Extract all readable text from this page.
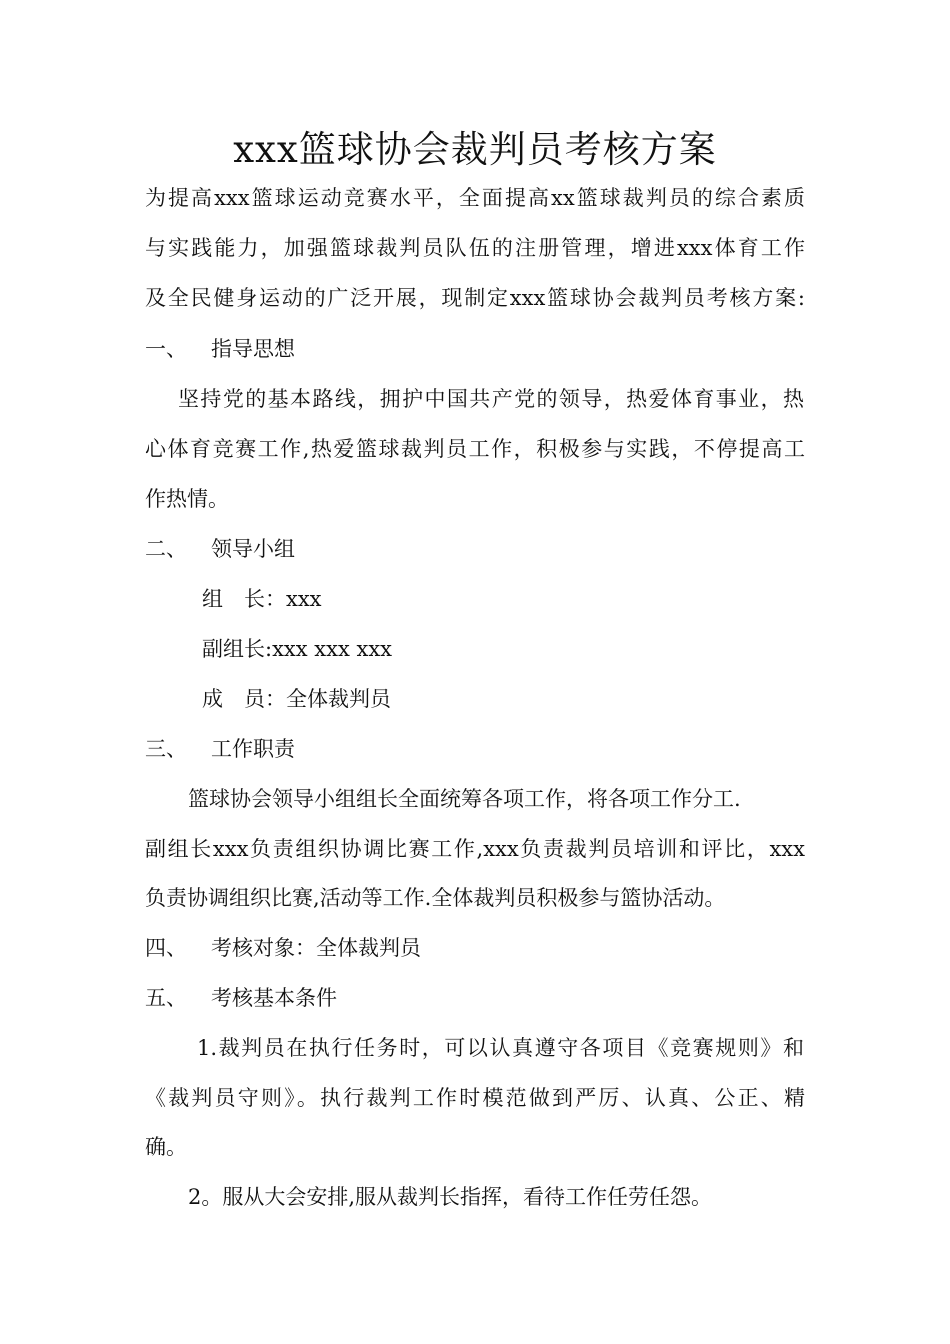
xxx篮球协会裁判员考核方案
为提高xxx篮球运动竞赛水平，全面提高xx篮球裁判员的综合素质
与实践能力，加强篮球裁判员队伍的注册管理，增进xxx体育工作
及全民健身运动的广泛开展，现制定xxx篮球协会裁判员考核方案:
一、 指导思想
坚持党的基本路线，拥护中国共产党的领导，热爱体育事业，热
心体育竞赛工作,热爱篮球裁判员工作，积极参与实践，不停提高工
作热情。
二、 领导小组
组　长：xxx
副组长:xxx xxx xxx
成　员：全体裁判员
三、 工作职责
篮球协会领导小组组长全面统筹各项工作，将各项工作分工.
副组长xxx负责组织协调比赛工作,xxx负责裁判员培训和评比，xxx
负责协调组织比赛,活动等工作.全体裁判员积极参与篮协活动。
四、 考核对象：全体裁判员
五、 考核基本条件
1.裁判员在执行任务时，可以认真遵守各项目《竞赛规则》和
《裁判员守则》。执行裁判工作时模范做到严厉、认真、公正、精
确。
2。服从大会安排,服从裁判长指挥，看待工作任劳任怨。
